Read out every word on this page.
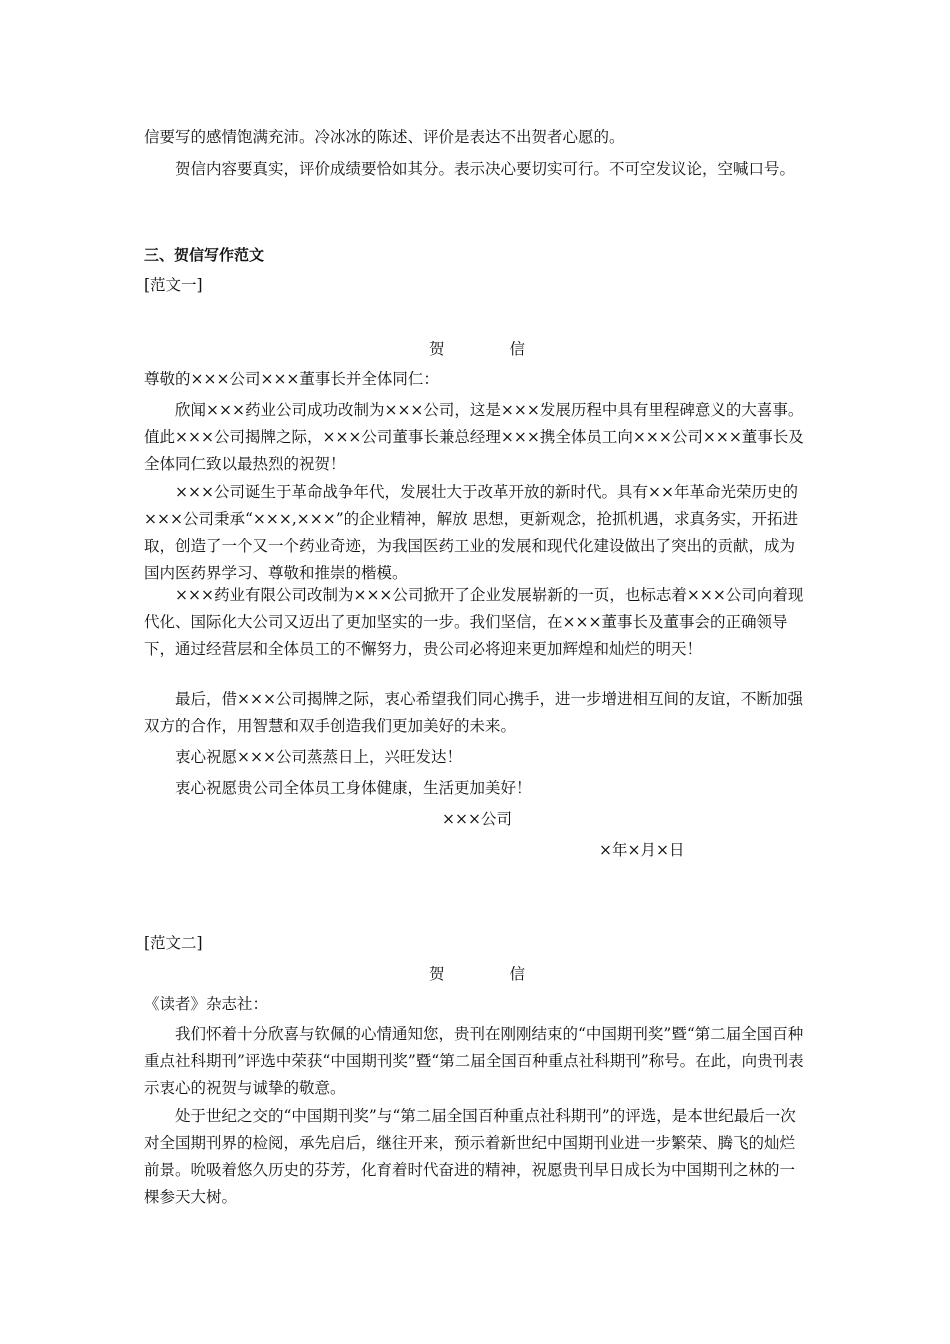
信要写的感情饱满充沛。冷冰冰的陈述、评价是表达不出贺者心愿的。
贺信内容要真实，评价成绩要恰如其分。表示决心要切实可行。不可空发议论，空喊口号。
三、贺信写作范文
[范文一]
贺　信
尊敬的×××公司×××董事长并全体同仁：
欣闻×××药业公司成功改制为×××公司，这是×××发展历程中具有里程碑意义的大喜事。值此×××公司揭牌之际，×××公司董事长兼总经理×××携全体员工向×××公司×××董事长及全体同仁致以最热烈的祝贺！
×××公司诞生于革命战争年代，发展壮大于改革开放的新时代。具有××年革命光荣历史的×××公司秉承“×××,×××”的企业精神，解放 思想，更新观念，抢抓机遇，求真务实，开拓进取，创造了一个又一个药业奇迹，为我国医药工业的发展和现代化建设做出了突出的贡献，成为国内医药界学习、尊敬和推崇的楷模。
×××药业有限公司改制为×××公司掀开了企业发展崭新的一页，也标志着×××公司向着现代化、国际化大公司又迈出了更加坚实的一步。我们坚信，在×××董事长及董事会的正确领导下，通过经营层和全体员工的不懈努力，贵公司必将迎来更加辉煌和灿烂的明天！
最后，借×××公司揭牌之际，衷心希望我们同心携手，进一步增进相互间的友谊，不断加强双方的合作，用智慧和双手创造我们更加美好的未来。
衷心祝愿×××公司蒸蒸日上，兴旺发达！
衷心祝愿贵公司全体员工身体健康，生活更加美好！
×××公司
×年×月×日
[范文二]
贺　信
《读者》杂志社：
我们怀着十分欣喜与钦佩的心情通知您，贵刊在刚刚结束的“中国期刊奖”暨“第二届全国百种重点社科期刊”评选中荣获“中国期刊奖”暨“第二届全国百种重点社科期刊”称号。在此，向贵刊表示衷心的祝贺与诚挚的敬意。
处于世纪之交的“中国期刊奖”与“第二届全国百种重点社科期刊”的评选，是本世纪最后一次对全国期刊界的检阅，承先启后，继往开来，预示着新世纪中国期刊业进一步繁荣、腾飞的灿烂前景。吮吸着悠久历史的芬芳，化育着时代奋进的精神，祝愿贵刊早日成长为中国期刊之林的一棵参天大树。
